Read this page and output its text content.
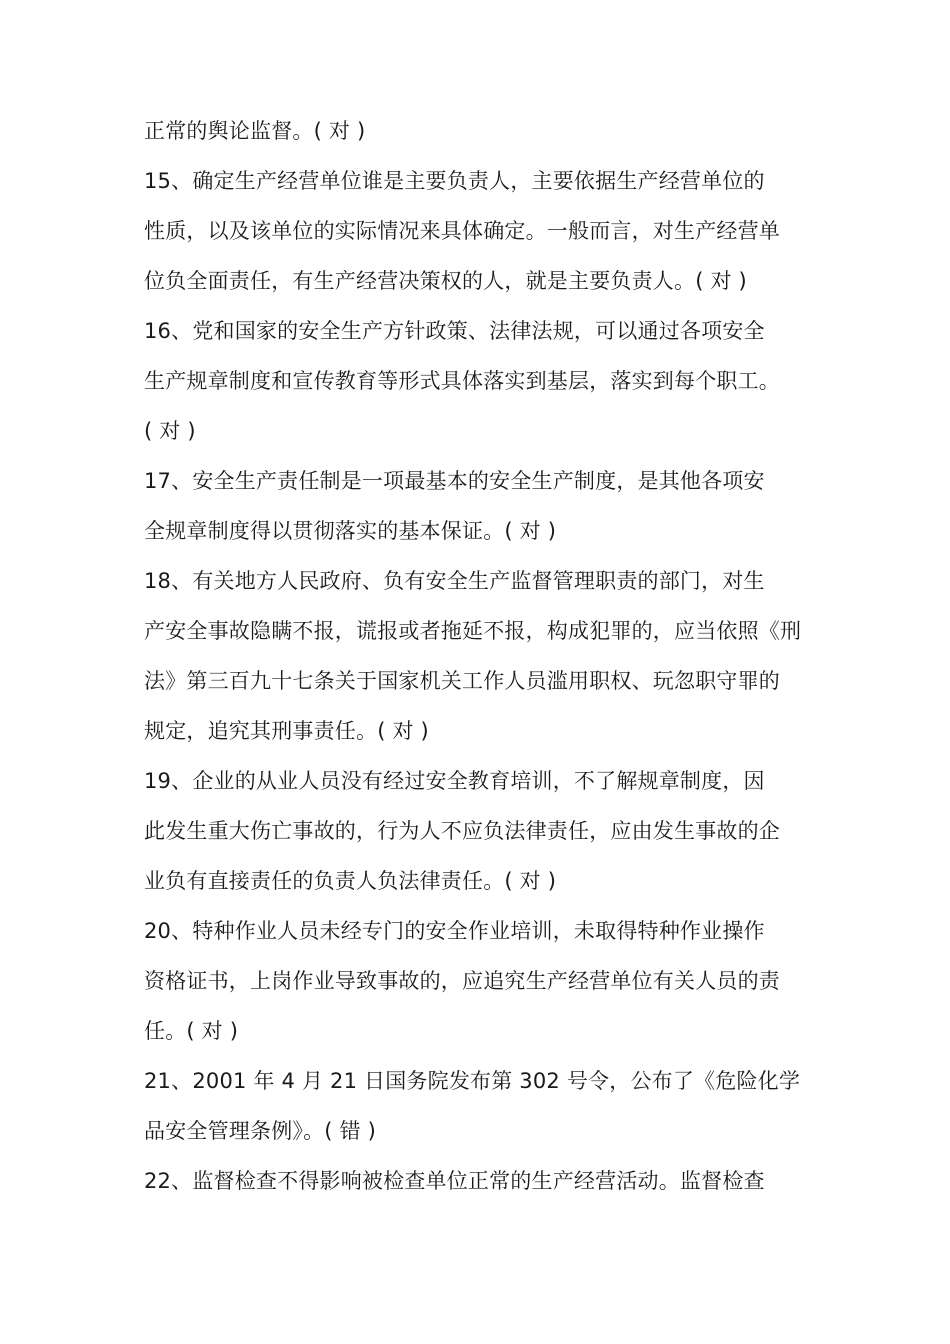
正常的舆论监督。( 对 )
15、确定生产经营单位谁是主要负责人，主要依据生产经营单位的
性质，以及该单位的实际情况来具体确定。一般而言，对生产经营单
位负全面责任，有生产经营决策权的人，就是主要负责人。( 对 )
16、党和国家的安全生产方针政策、法律法规，可以通过各项安全
生产规章制度和宣传教育等形式具体落实到基层，落实到每个职工。
( 对 )
17、安全生产责任制是一项最基本的安全生产制度，是其他各项安
全规章制度得以贯彻落实的基本保证。( 对 )
18、有关地方人民政府、负有安全生产监督管理职责的部门，对生
产安全事故隐瞒不报，谎报或者拖延不报，构成犯罪的，应当依照《刑
法》第三百九十七条关于国家机关工作人员滥用职权、玩忽职守罪的
规定，追究其刑事责任。( 对 )
19、企业的从业人员没有经过安全教育培训，不了解规章制度，因
此发生重大伤亡事故的，行为人不应负法律责任，应由发生事故的企
业负有直接责任的负责人负法律责任。( 对 )
20、特种作业人员未经专门的安全作业培训，未取得特种作业操作
资格证书，上岗作业导致事故的，应追究生产经营单位有关人员的责
任。( 对 )
21、2001 年 4 月 21 日国务院发布第 302 号令，公布了《危险化学
品安全管理条例》。( 错 )
22、监督检查不得影响被检查单位正常的生产经营活动。监督检查
